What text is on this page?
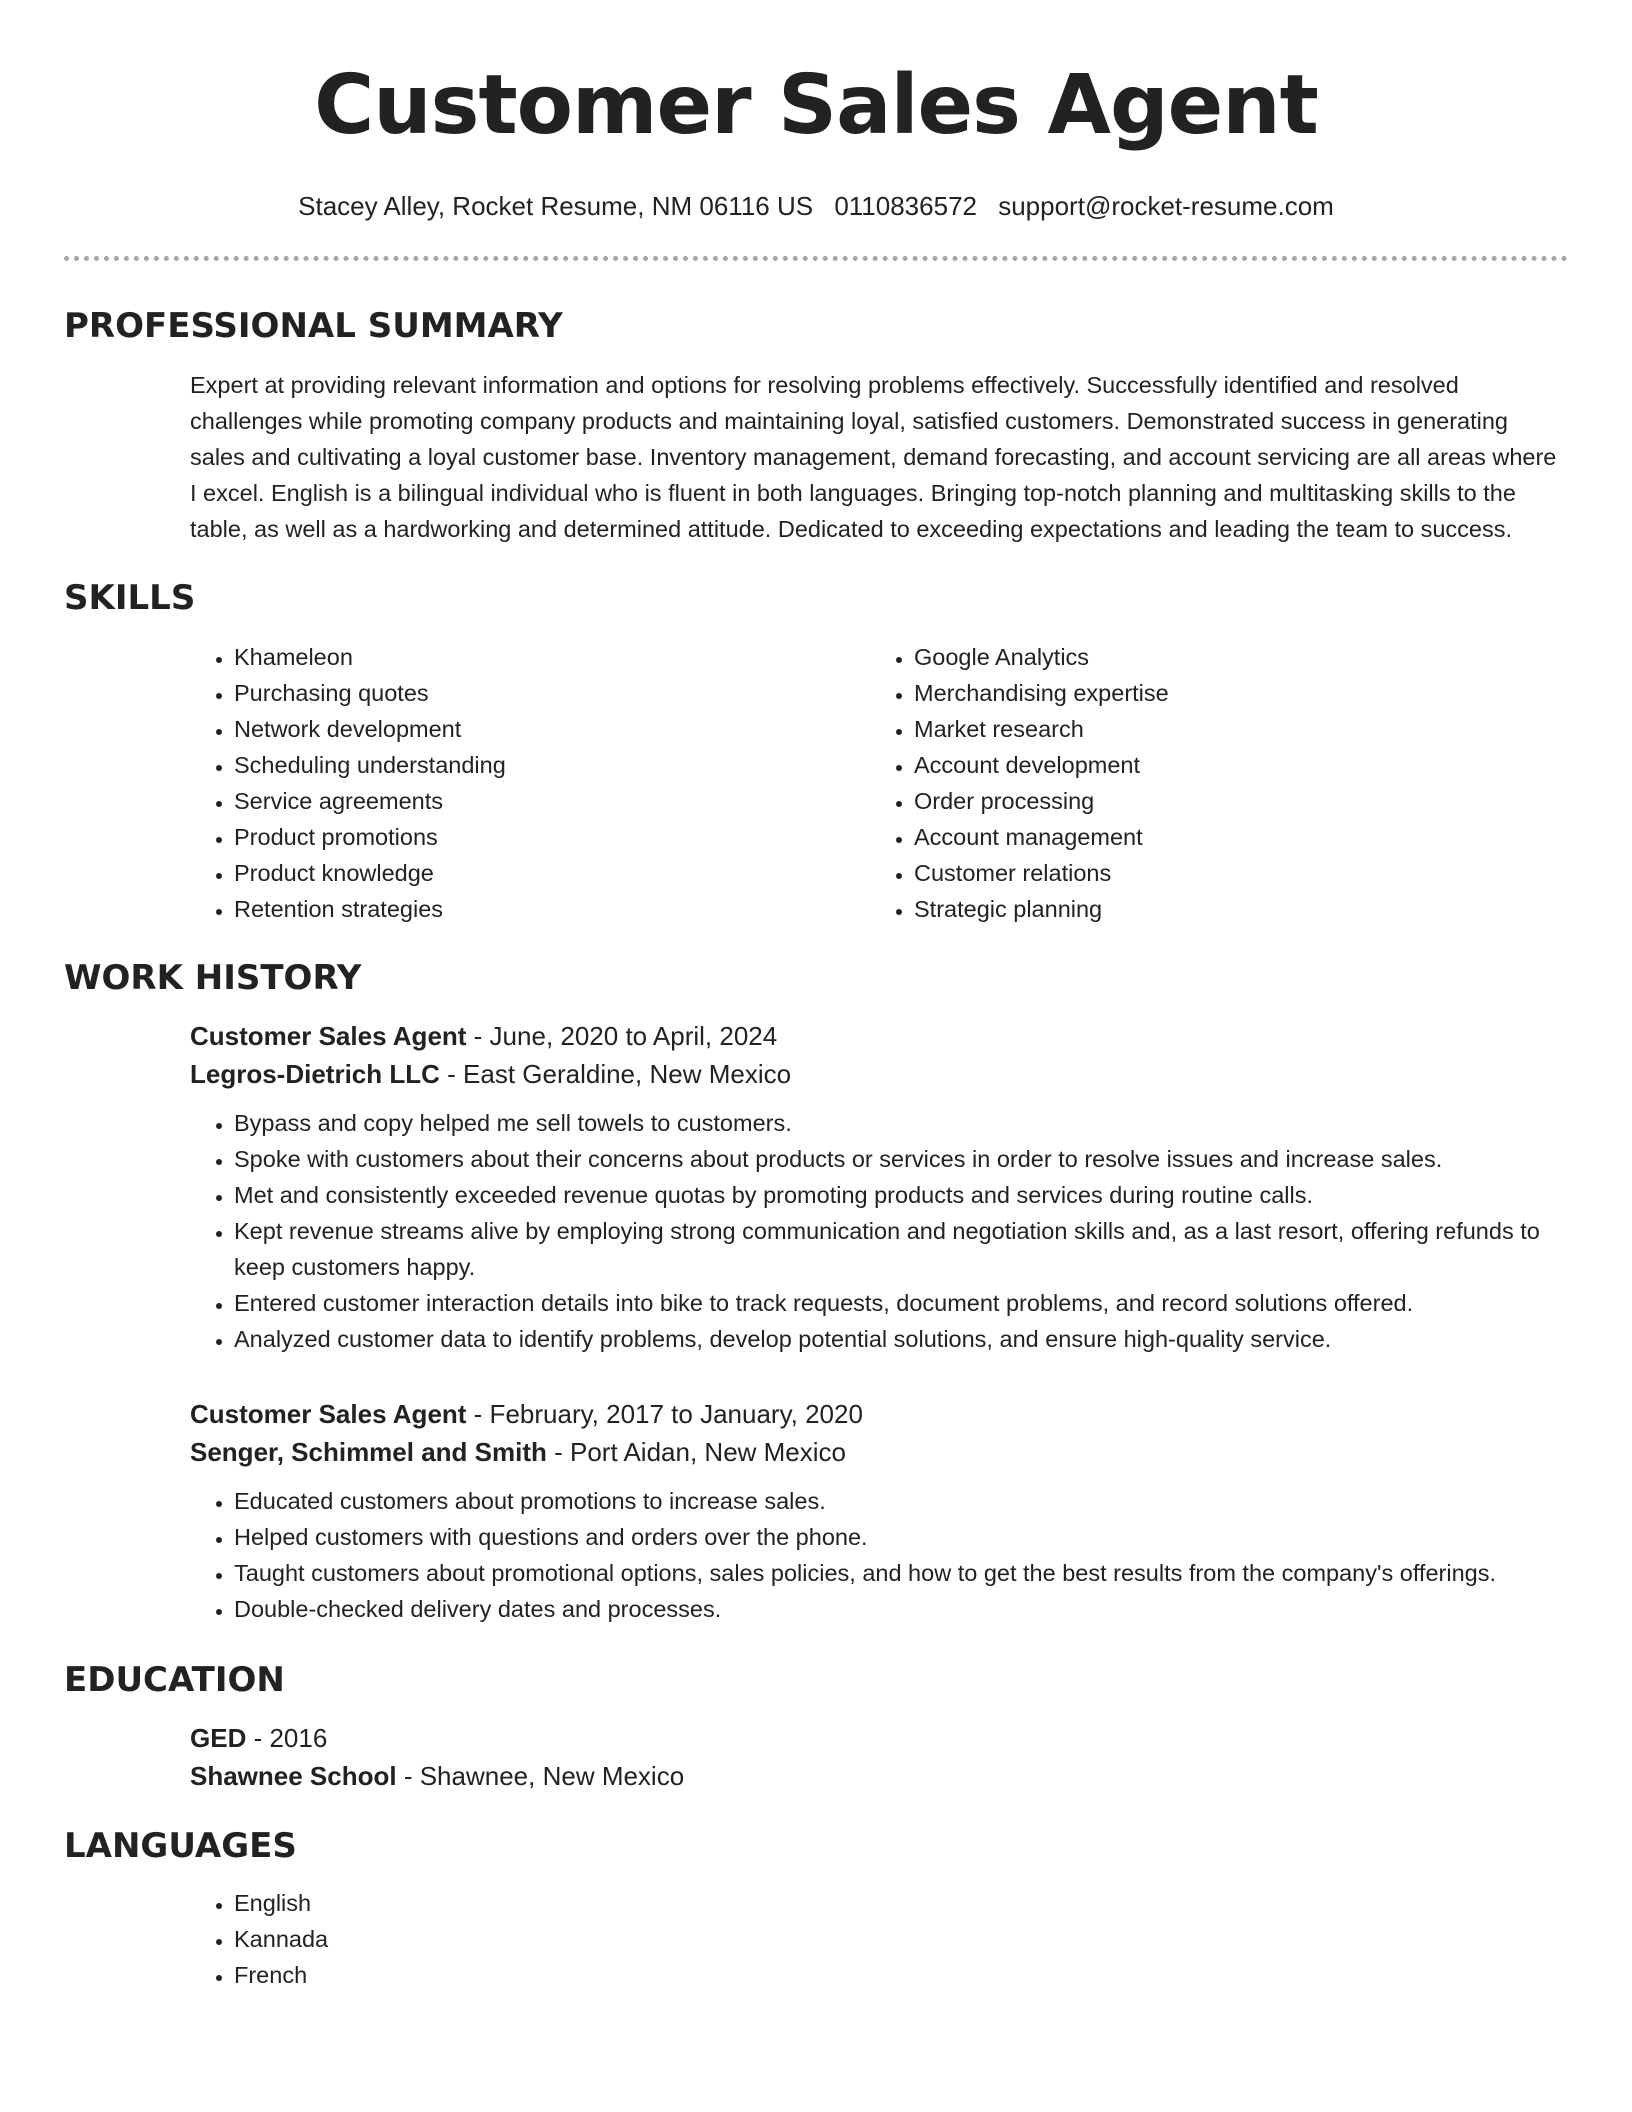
Customer Sales Agent
Stacey Alley, Rocket Resume, NM 06116 US 0110836572 support@rocket-resume.com
PROFESSIONAL SUMMARY

Expert at providing relevant information and options for resolving problems effectively. Successfully identified and resolved challenges while promoting company products and maintaining loyal, satisfied customers. Demonstrated success in generating sales and cultivating a loyal customer base. Inventory management, demand forecasting, and account servicing are all areas where I excel. English is a bilingual individual who is fluent in both languages. Bringing top-notch planning and multitasking skills to the table, as well as a hardworking and determined attitude. Dedicated to exceeding expectations and leading the team to success.

SKILLS
• Khameleon
• Purchasing quotes
• Network development
• Scheduling understanding
• Service agreements
• Product promotions
• Product knowledge
• Retention strategies
• Google Analytics
• Merchandising expertise
• Market research
• Account development
• Order processing
• Account management
• Customer relations
• Strategic planning
WORK HISTORY
Customer Sales Agent - June, 2020 to April, 2024
Legros-Dietrich LLC - East Geraldine, New Mexico
• Bypass and copy helped me sell towels to customers.
• Spoke with customers about their concerns about products or services in order to resolve issues and increase sales.
• Met and consistently exceeded revenue quotas by promoting products and services during routine calls.
• Kept revenue streams alive by employing strong communication and negotiation skills and, as a last resort, offering refunds to keep customers happy.
• Entered customer interaction details into bike to track requests, document problems, and record solutions offered.
• Analyzed customer data to identify problems, develop potential solutions, and ensure high-quality service.
Customer Sales Agent - February, 2017 to January, 2020
Senger, Schimmel and Smith - Port Aidan, New Mexico
• Educated customers about promotions to increase sales.
• Helped customers with questions and orders over the phone.
• Taught customers about promotional options, sales policies, and how to get the best results from the company's offerings.
• Double-checked delivery dates and processes.
EDUCATION
GED - 2016
Shawnee School - Shawnee, New Mexico
LANGUAGES
• English
• Kannada
• French
